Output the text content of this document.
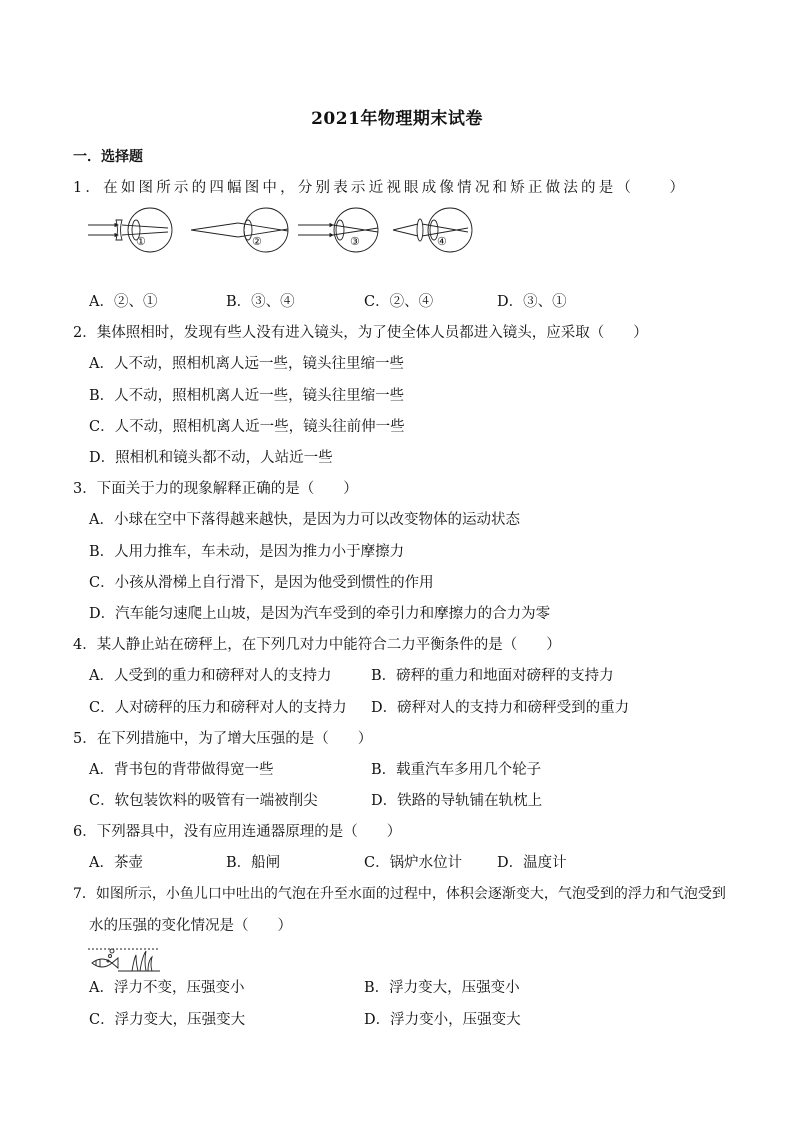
2021年物理期末试卷
一．选择题
1．在如图所示的四幅图中，分别表示近视眼成像情况和矫正做法的是（　　）
①	②	③	④
A．②、①	B．③、④	C．②、④	D．③、①
2．集体照相时，发现有些人没有进入镜头，为了使全体人员都进入镜头，应采取（　　）
A．人不动，照相机离人远一些，镜头往里缩一些
B．人不动，照相机离人近一些，镜头往里缩一些
C．人不动，照相机离人近一些，镜头往前伸一些
D．照相机和镜头都不动，人站近一些
3．下面关于力的现象解释正确的是（　　）
A．小球在空中下落得越来越快，是因为力可以改变物体的运动状态
B．人用力推车，车未动，是因为推力小于摩擦力
C．小孩从滑梯上自行滑下，是因为他受到惯性的作用
D．汽车能匀速爬上山坡，是因为汽车受到的牵引力和摩擦力的合力为零
4．某人静止站在磅秤上，在下列几对力中能符合二力平衡条件的是（　　）
A．人受到的重力和磅秤对人的支持力	B．磅秤的重力和地面对磅秤的支持力
C．人对磅秤的压力和磅秤对人的支持力 D．磅秤对人的支持力和磅秤受到的重力
5．在下列措施中，为了增大压强的是（　　）
A．背书包的背带做得宽一些	B．载重汽车多用几个轮子
C．软包装饮料的吸管有一端被削尖	D．铁路的导轨铺在轨枕上
6．下列器具中，没有应用连通器原理的是（　　）
A．茶壶	B．船闸	C．锅炉水位计 D．温度计
7．如图所示，小鱼儿口中吐出的气泡在升至水面的过程中，体积会逐渐变大，气泡受到的浮力和气泡受到
水的压强的变化情况是（　　）
A．浮力不变，压强变小	B．浮力变大，压强变小
C．浮力变大，压强变大	D．浮力变小，压强变大
